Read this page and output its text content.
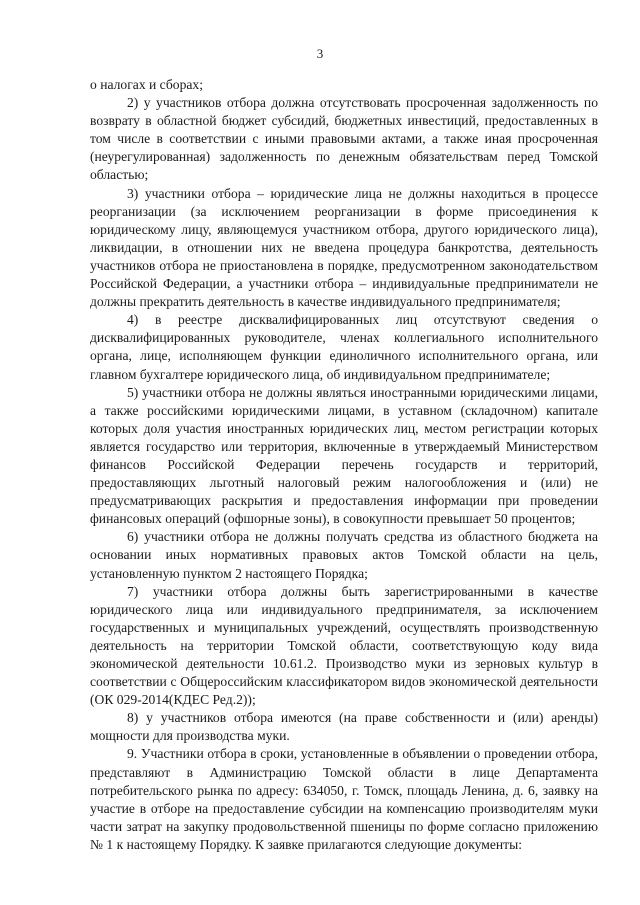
3

о налогах и сборах;

2) у участников отбора должна отсутствовать просроченная задолженность по возврату в областной бюджет субсидий, бюджетных инвестиций, предоставленных в том числе в соответствии с иными правовыми актами, а также иная просроченная (неурегулированная) задолженность по денежным обязательствам перед Томской областью;

3) участники отбора – юридические лица не должны находиться в процессе реорганизации (за исключением реорганизации в форме присоединения к юридическому лицу, являющемуся участником отбора, другого юридического лица), ликвидации, в отношении них не введена процедура банкротства, деятельность участников отбора не приостановлена в порядке, предусмотренном законодательством Российской Федерации, а участники отбора – индивидуальные предприниматели не должны прекратить деятельность в качестве индивидуального предпринимателя;

4) в реестре дисквалифицированных лиц отсутствуют сведения о дисквалифицированных руководителе, членах коллегиального исполнительного органа, лице, исполняющем функции единоличного исполнительного органа, или главном бухгалтере юридического лица, об индивидуальном предпринимателе;

5) участники отбора не должны являться иностранными юридическими лицами, а также российскими юридическими лицами, в уставном (складочном) капитале которых доля участия иностранных юридических лиц, местом регистрации которых является государство или территория, включенные в утверждаемый Министерством финансов Российской Федерации перечень государств и территорий, предоставляющих льготный налоговый режим налогообложения и (или) не предусматривающих раскрытия и предоставления информации при проведении финансовых операций (офшорные зоны), в совокупности превышает 50 процентов;

6) участники отбора не должны получать средства из областного бюджета на основании иных нормативных правовых актов Томской области на цель, установленную пунктом 2 настоящего Порядка;

7) участники отбора должны быть зарегистрированными в качестве юридического лица или индивидуального предпринимателя, за исключением государственных и муниципальных учреждений, осуществлять производственную деятельность на территории Томской области, соответствующую коду вида экономической деятельности 10.61.2. Производство муки из зерновых культур в соответствии с Общероссийским классификатором видов экономической деятельности (ОК 029-2014(КДЕС Ред.2));

8) у участников отбора имеются (на праве собственности и (или) аренды) мощности для производства муки.

9. Участники отбора в сроки, установленные в объявлении о проведении отбора, представляют в Администрацию Томской области в лице Департамента потребительского рынка по адресу: 634050, г. Томск, площадь Ленина, д. 6, заявку на участие в отборе на предоставление субсидии на компенсацию производителям муки части затрат на закупку продовольственной пшеницы по форме согласно приложению № 1 к настоящему Порядку. К заявке прилагаются следующие документы:
